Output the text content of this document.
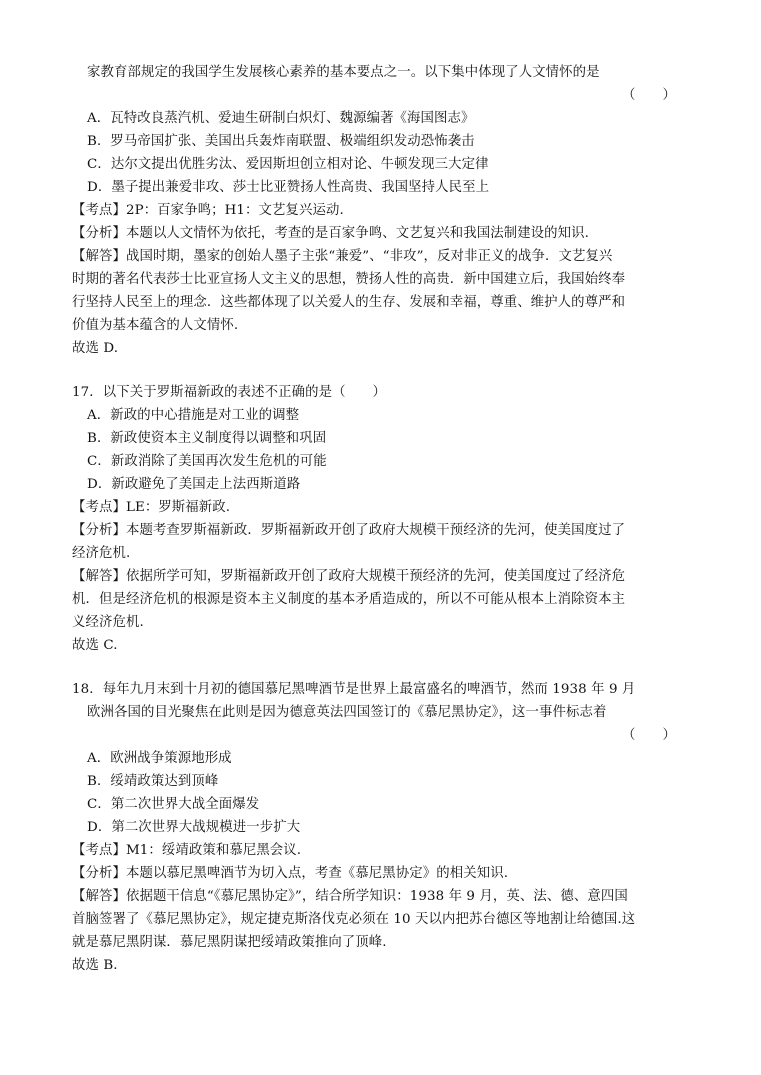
家教育部规定的我国学生发展核心素养的基本要点之一。以下集中体现了人文情怀的是
（　　）
A．瓦特改良蒸汽机、爱迪生研制白炽灯、魏源编著《海国图志》
B．罗马帝国扩张、美国出兵轰炸南联盟、极端组织发动恐怖袭击
C．达尔文提出优胜劣汰、爱因斯坦创立相对论、牛顿发现三大定律
D．墨子提出兼爱非攻、莎士比亚赞扬人性高贵、我国坚持人民至上
【考点】2P：百家争鸣；H1：文艺复兴运动.
【分析】本题以人文情怀为依托，考查的是百家争鸣、文艺复兴和我国法制建设的知识.
【解答】战国时期，墨家的创始人墨子主张“兼爱”、“非攻”，反对非正义的战争．文艺复兴
时期的著名代表莎士比亚宣扬人文主义的思想，赞扬人性的高贵．新中国建立后，我国始终奉
行坚持人民至上的理念．这些都体现了以关爱人的生存、发展和幸福，尊重、维护人的尊严和
价值为基本蕴含的人文情怀.
故选 D.
17．以下关于罗斯福新政的表述不正确的是（　　）
A．新政的中心措施是对工业的调整
B．新政使资本主义制度得以调整和巩固
C．新政消除了美国再次发生危机的可能
D．新政避免了美国走上法西斯道路
【考点】LE：罗斯福新政.
【分析】本题考查罗斯福新政．罗斯福新政开创了政府大规模干预经济的先河，使美国度过了
经济危机.
【解答】依据所学可知，罗斯福新政开创了政府大规模干预经济的先河，使美国度过了经济危
机．但是经济危机的根源是资本主义制度的基本矛盾造成的，所以不可能从根本上消除资本主
义经济危机.
故选 C.
18．每年九月末到十月初的德国慕尼黑啤酒节是世界上最富盛名的啤酒节，然而 1938 年 9 月
欧洲各国的目光聚焦在此则是因为德意英法四国签订的《慕尼黑协定》，这一事件标志着
（　　）
A．欧洲战争策源地形成
B．绥靖政策达到顶峰
C．第二次世界大战全面爆发
D．第二次世界大战规模进一步扩大
【考点】M1：绥靖政策和慕尼黑会议.
【分析】本题以慕尼黑啤酒节为切入点，考查《慕尼黑协定》的相关知识.
【解答】依据题干信息“《慕尼黑协定》”，结合所学知识：1938 年 9 月，英、法、德、意四国
首脑签署了《慕尼黑协定》，规定捷克斯洛伐克必须在 10 天以内把苏台德区等地割让给德国.这
就是慕尼黑阴谋．慕尼黑阴谋把绥靖政策推向了顶峰.
故选 B.
